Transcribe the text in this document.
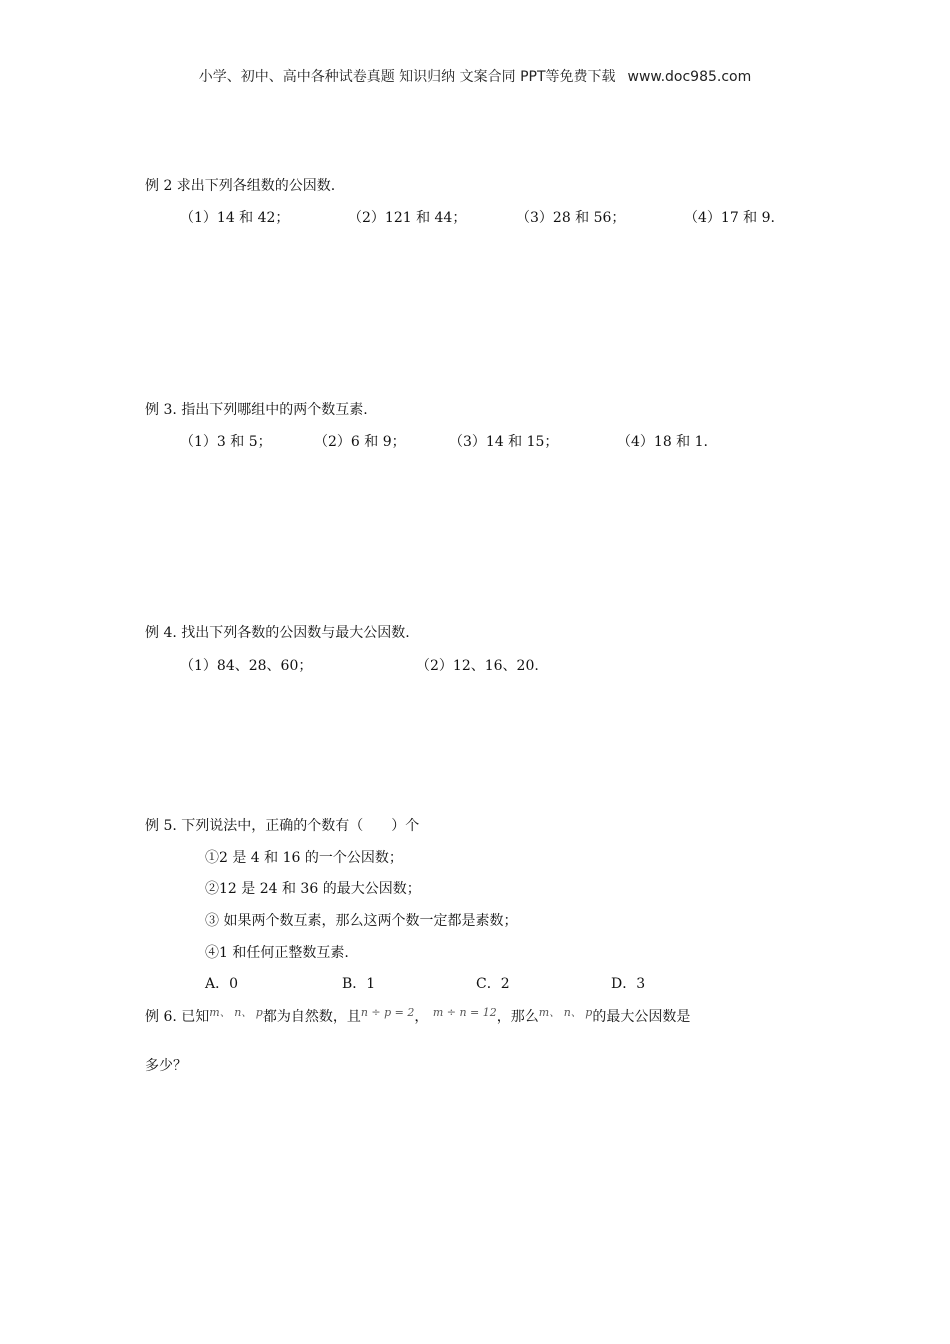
小学、初中、高中各种试卷真题 知识归纳 文案合同 PPT等免费下载 www.doc985.com
例 2 求出下列各组数的公因数.
（1）14 和 42；	（2）121 和 44；	（3）28 和 56；	（4）17 和 9.
例 3. 指出下列哪组中的两个数互素.
（1）3 和 5；	（2）6 和 9；	（3）14 和 15；	（4）18 和 1.
例 4. 找出下列各数的公因数与最大公因数.
（1）84、28、60；	（2）12、16、20.
例 5. 下列说法中，正确的个数有（　　）个
①2 是 4 和 16 的一个公因数；
②12 是 24 和 36 的最大公因数；
③ 如果两个数互素，那么这两个数一定都是素数；
④1 和任何正整数互素.
A．0	B．1	C．2	D．3
例 6. 已知$^{m、 n、 p}$都为自然数，且$^{n \div p = 2}$， $^{m \div n = 12}$，那么$^{m、 n、 p}$的最大公因数是
多少？
